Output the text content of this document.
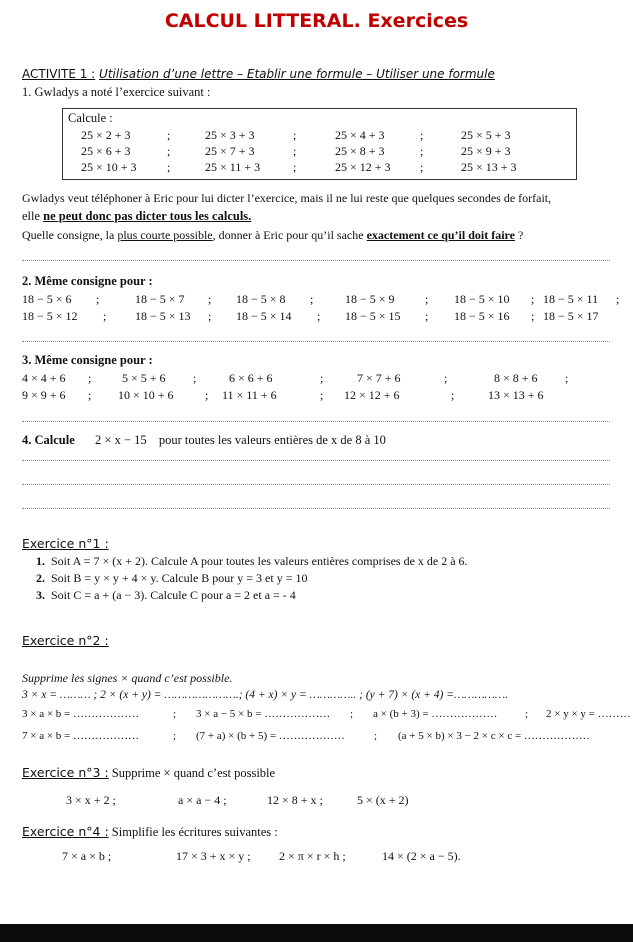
CALCUL LITTERAL. Exercices
ACTIVITE 1 : Utilisation d’une lettre – Etablir une formule – Utiliser une formule
1. Gwladys a noté l’exercice suivant :
Calcule :
25 × 2 + 3	;	25 × 3 + 3	;	25 × 4 + 3	;	25 × 5 + 3
25 × 6 + 3	;	25 × 7 + 3	;	25 × 8 + 3	;	25 × 9 + 3
25 × 10 + 3	;	25 × 11 + 3	;	25 × 12 + 3 ;	25 × 13 + 3
Gwladys veut téléphoner à Eric pour lui dicter l’exercice, mais il ne lui reste que quelques secondes de forfait,
elle ne peut donc pas dicter tous les calculs.
Quelle consigne, la plus courte possible, donner à Eric pour qu’il sache exactement ce qu’il doit faire ?
2. Même consigne pour :
18 − 5 × 6 ;	18 − 5 × 7 ; 18 − 5 × 8 ;	18 − 5 × 9	; 18 − 5 × 10 ; 18 − 5 × 11 ;
18 − 5 × 12 ; 18 − 5 × 13 ; 18 − 5 × 14 ; 18 − 5 × 15 ; 18 − 5 × 16 ; 18 − 5 × 17
3. Même consigne pour :
4 × 4 + 6 ;	5 × 5 + 6 ;	6 × 6 + 6	;	7 × 7 + 6	;	8 × 8 + 6 ;
9 × 9 + 6 ; 10 × 10 + 6	; 11 × 11 + 6	; 12 × 12 + 6	;	13 × 13 + 6
4. Calcule 2 × x − 15 pour toutes les valeurs entières de x de 8 à 10
Exercice n°1 :
1. Soit A = 7 × (x + 2). Calcule A pour toutes les valeurs entières comprises de x de 2 à 6.
2. Soit B = y × y + 4 × y. Calcule B pour y = 3 et y = 10
3. Soit C = a + (a − 3). Calcule C pour a = 2 et a = - 4
Exercice n°2 :
Supprime les signes × quand c’est possible.
3 × x = ……… ; 2 × (x + y) = ………………….; (4 + x) × y = ………….. ; (y + 7) × (x + 4) =…………….
3 × a × b = ………………	; 3 × a − 5 × b = ……………… ; a × (b + 3) = ………………	; 2 × y × y = ………
7 × a × b = ………………	; (7 + a) × (b + 5) = ………………	; (a + 5 × b) × 3 − 2 × c × c = ………………
Exercice n°3 : Supprime × quand c’est possible
3 × x + 2 ;	a × a − 4 ;	12 × 8 + x ;	5 × (x + 2)
Exercice n°4 : Simplifie les écritures suivantes :
7 × a × b ;	17 × 3 + x × y ; 2 × π × r × h ;	14 × (2 × a − 5).
